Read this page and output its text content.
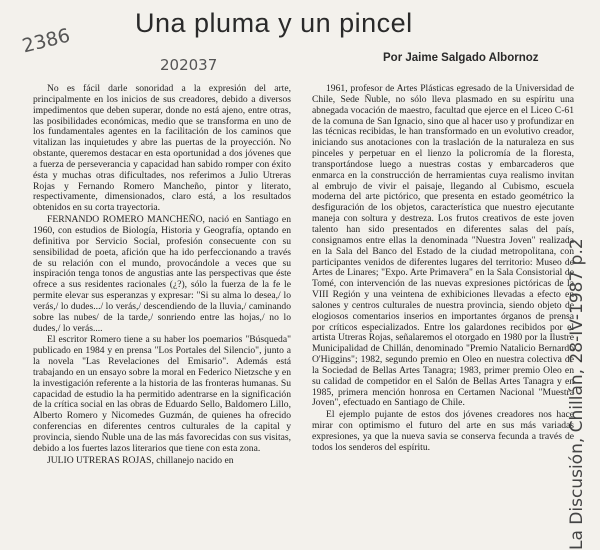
Una pluma y un pincel
2386
202037	Por Jaime Salgado Albornoz

No es fácil darle sonoridad a la expresión del arte, principalmente en los inicios de sus creadores, debido a diversos impedimentos que deben superar, donde no está ajeno, entre otras, las posibilidades económicas, medio que se transforma en uno de los fundamentales agentes en la facilitación de los caminos que vitalizan las inquietudes y abre las puertas de la proyección. No obstante, queremos destacar en esta oportunidad a dos jóvenes que a fuerza de perseverancia y capacidad han sabido romper con éxito ésta y muchas otras dificultades, nos referimos a Julio Utreras Rojas y Fernando Romero Mancheño, pintor y literato, respectivamente, dimensionados, claro está, a los resultados obtenidos en su corta trayectoria.

FERNANDO ROMERO MANCHEÑO, nació en Santiago en 1960, con estudios de Biología, Historia y Geografía, optando en definitiva por Servicio Social, profesión consecuente con su sensibilidad de poeta, afición que ha ido perfeccionando a través de su relación con el mundo, provocándole a veces que su inspiración tenga tonos de angustias ante las perspectivas que éste ofrece a sus residentes racionales (¿?), sólo la fuerza de la fe le permite elevar sus esperanzas y expresar: "Si su alma lo desea,/ lo verás,/ lo dudes.../ lo verás,/ descendiendo de la lluvia,/ caminando sobre las nubes/ de la tarde,/ sonriendo entre las hojas,/ no lo dudes,/ lo verás....

El escritor Romero tiene a su haber los poemarios "Búsqueda" publicado en 1984 y en prensa "Los Portales del Silencio", junto a la novela "Las Revelaciones del Emisario". Además está trabajando en un ensayo sobre la moral en Federico Nietzsche y en la investigación referente a la historia de las fronteras humanas. Su capacidad de estudio la ha permitido adentrarse en la significación de la crítica social en las obras de Eduardo Sello, Baldomero Lillo, Alberto Romero y Nicomedes Guzmán, de quienes ha ofrecido conferencias en diferentes centros culturales de la capital y provincia, siendo Ñuble una de las más favorecidas con sus visitas, debido a los fuertes lazos literarios que tiene con esta zona.

JULIO UTRERAS ROJAS, chillanejo nacido en

1961, profesor de Artes Plásticas egresado de la Universidad de Chile, Sede Ñuble, no sólo lleva plasmado en su espíritu una abnegada vocación de maestro, facultad que ejerce en el Liceo C-61 de la comuna de San Ignacio, sino que al hacer uso y profundizar en las técnicas recibidas, le han transformado en un evolutivo creador, iniciando sus anotaciones con la traslación de la naturaleza en sus pinceles y perpetuar en el lienzo la policromía de la floresta, transportándose luego a nuestras costas y embarcaderos que enmarca en la construcción de herramientas cuya realismo invitan al embrujo de vivir el paisaje, llegando al Cubismo, escuela moderna del arte pictórico, que presenta en estado geométrico la desfiguración de los objetos, característica que nuestro ejecutante maneja con soltura y destreza. Los frutos creativos de este joven talento han sido presentados en diferentes salas del país, consignamos entre ellas la denominada "Nuestra Joven" realizada en la Sala del Banco del Estado de la ciudad metropolitana, con participantes venidos de diferentes lugares del territorio: Museo de Artes de Linares; "Expo. Arte Primavera" en la Sala Consistorial de Tomé, con intervención de las nuevas expresiones pictóricas de la VIII Región y una veintena de exhibiciones llevadas a efecto en salones y centros culturales de nuestra provincia, siendo objeto de elogiosos comentarios inserios en importantes órganos de prensa por críticos especializados. Entre los galardones recibidos por el artista Utreras Rojas, señalaremos el otorgado en 1980 por la Ilustre Municipalidad de Chillán, denominado "Premio Natalicio Bernardo O'Higgins"; 1982, segundo premio en Oleo en nuestra colectiva de la Sociedad de Bellas Artes Tanagra; 1983, primer premio Oleo en su calidad de competidor en el Salón de Bellas Artes Tanagra y en 1985, primera mención honrosa en Certamen Nacional "Muestra Joven", efectuado en Santiago de Chile.

El ejemplo pujante de estos dos jóvenes creadores nos hace mirar con optimismo el futuro del arte en sus más variadas expresiones, ya que la nueva savia se conserva fecunda a través de todos los senderos del espíritu.	La Discusión, Chillán, 28-IV-1987 p.2
